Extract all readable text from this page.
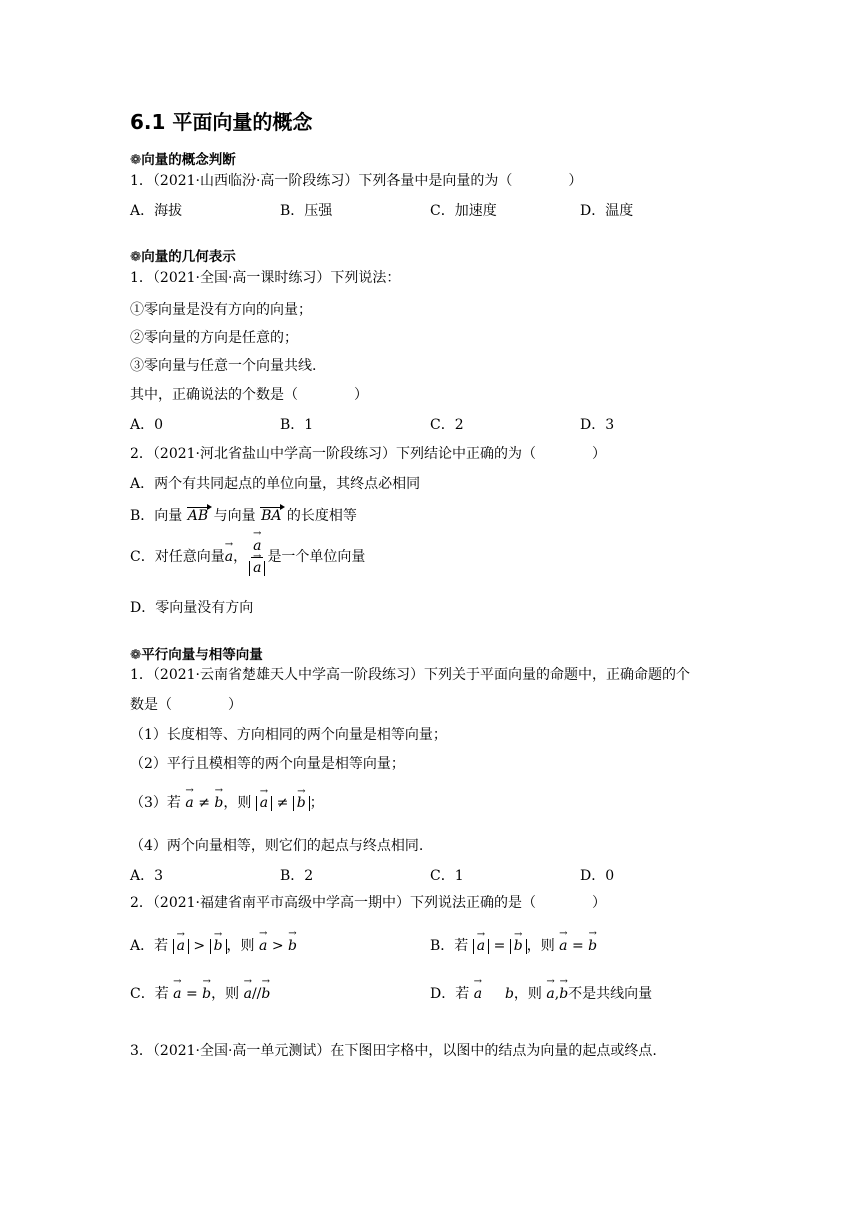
6.1 平面向量的概念
❁向量的概念判断
1．（2021·山西临汾·高一阶段练习）下列各量中是向量的为（　　　　）
A．海拔	B．压强	C．加速度	D．温度
❁向量的几何表示
1．（2021·全国·高一课时练习）下列说法：
①零向量是没有方向的向量；
②零向量的方向是任意的；
③零向量与任意一个向量共线.
其中，正确说法的个数是（　　　　）
A．0	B．1	C．2	D．3
2．（2021·河北省盐山中学高一阶段练习）下列结论中正确的为（　　　　）
A．两个有共同起点的单位向量，其终点必相同
B．向量 AB 与向量 BA 的长度相等
C．对任意向量 → a ， → a
→ a 是一个单位向量
D．零向量没有方向
❁平行向量与相等向量
1．（2021·云南省楚雄天人中学高一阶段练习）下列关于平面向量的命题中，正确命题的个
数是（　　　　）
（1）长度相等、方向相同的两个向量是相等向量；
（2）平行且模相等的两个向量是相等向量；
（3）若 → a ≠ → b，则 → a ≠ → b ；
（4）两个向量相等，则它们的起点与终点相同.
A．3	B．2	C．1	D．0
2．（2021·福建省南平市高级中学高一期中）下列说法正确的是（　　　　）
A．若 → a > → b ，则 → a > → b	B．若 → a = → b ，则 → a = → b
C．若 → a = → b，则 → a//→ b	D．若 → a b，则 → a,→ b不是共线向量
3．（2021·全国·高一单元测试）在下图田字格中，以图中的结点为向量的起点或终点.
